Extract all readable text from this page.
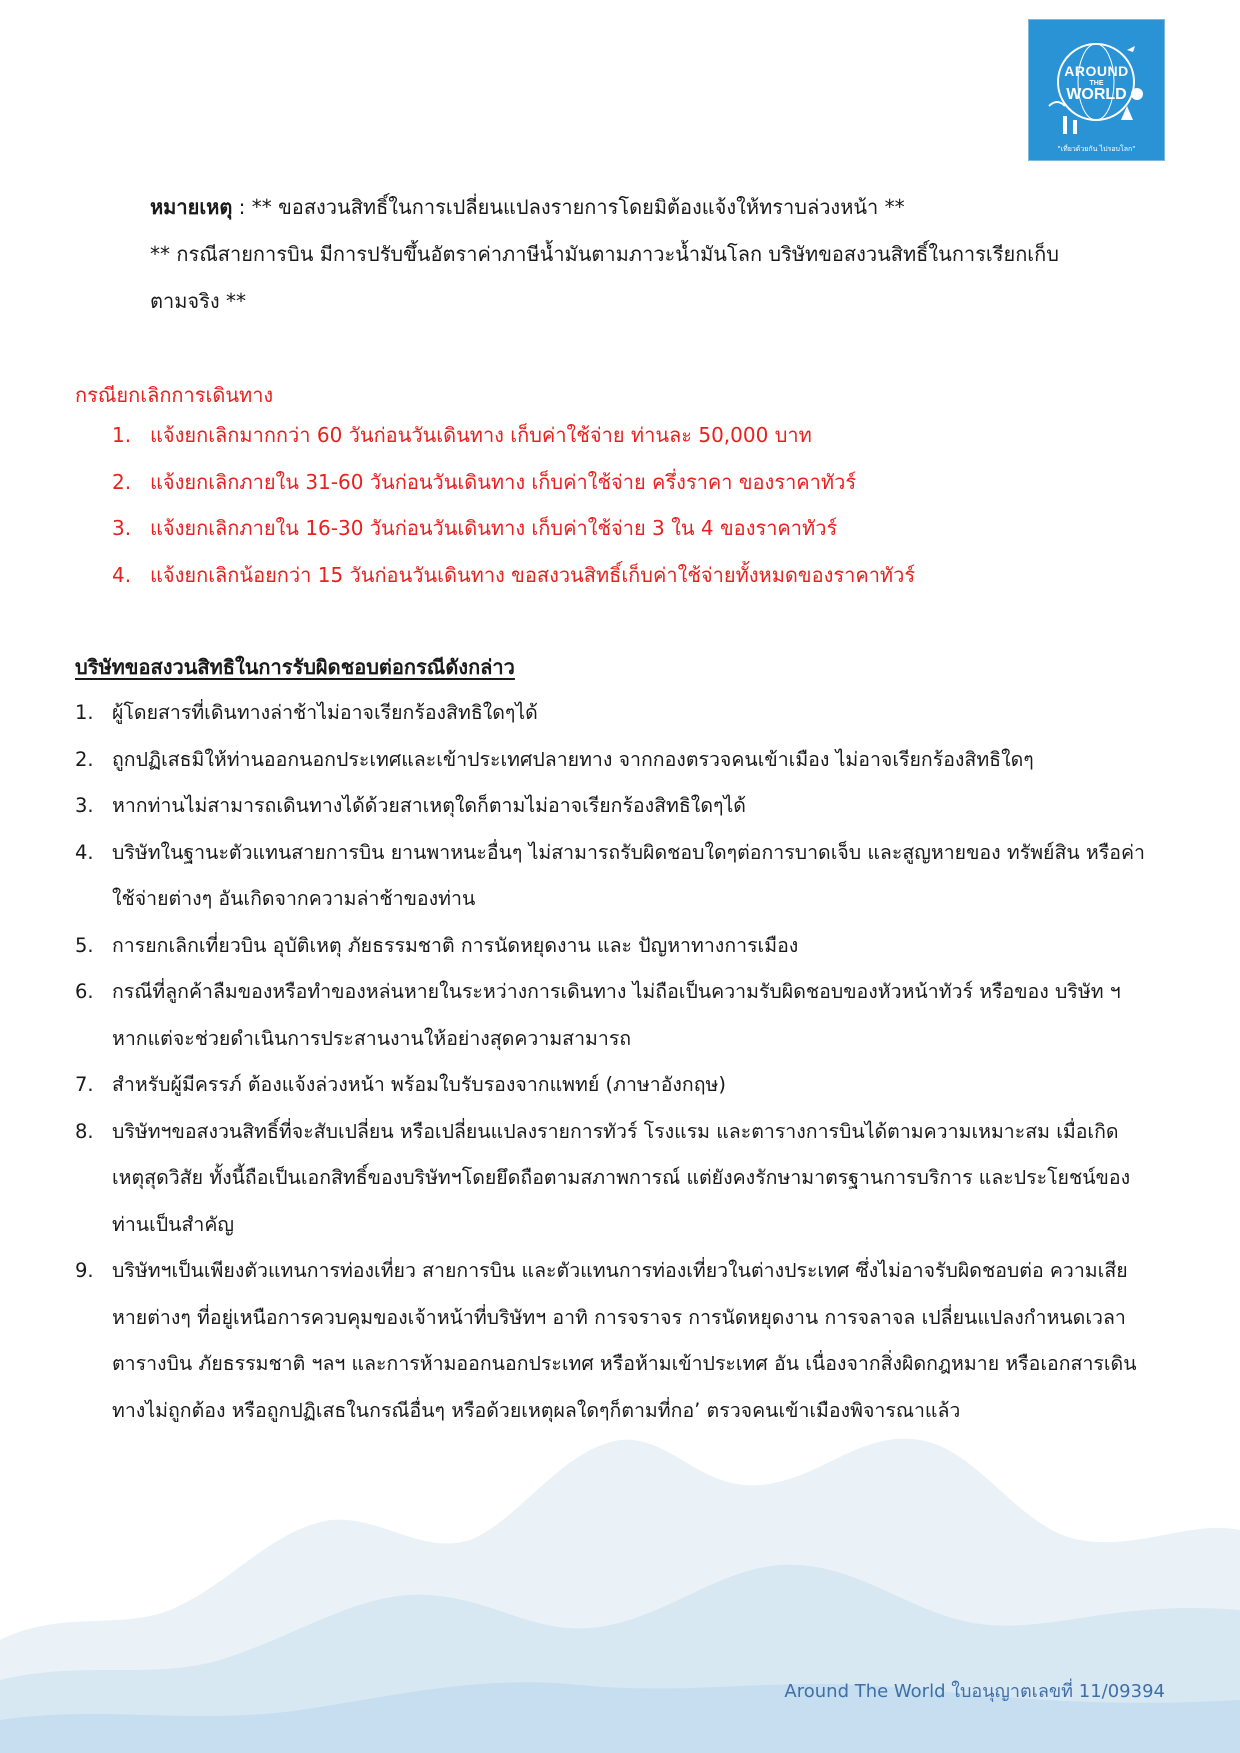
AROUND
THE
WORLD
"เที่ยวด้วยกัน ไปรอบโลก"

หมายเหตุ : ** ขอสงวนสิทธิ์ในการเปลี่ยนแปลงรายการโดยมิต้องแจ้งให้ทราบล่วงหน้า **

** กรณีสายการบิน มีการปรับขึ้นอัตราค่าภาษีน้ำมันตามภาวะน้ำมันโลก บริษัทขอสงวนสิทธิ์ในการเรียกเก็บ

ตามจริง **

กรณียกเลิกการเดินทาง
1. แจ้งยกเลิกมากกว่า 60 วันก่อนวันเดินทาง เก็บค่าใช้จ่าย ท่านละ 50,000 บาท
2. แจ้งยกเลิกภายใน 31-60 วันก่อนวันเดินทาง เก็บค่าใช้จ่าย ครึ่งราคา ของราคาทัวร์
3. แจ้งยกเลิกภายใน 16-30 วันก่อนวันเดินทาง เก็บค่าใช้จ่าย 3 ใน 4 ของราคาทัวร์
4. แจ้งยกเลิกน้อยกว่า 15 วันก่อนวันเดินทาง ขอสงวนสิทธิ์เก็บค่าใช้จ่ายทั้งหมดของราคาทัวร์
บริษัทขอสงวนสิทธิในการรับผิดชอบต่อกรณีดังกล่าว
1. ผู้โดยสารที่เดินทางล่าช้าไม่อาจเรียกร้องสิทธิใดๆได้
2. ถูกปฏิเสธมิให้ท่านออกนอกประเทศและเข้าประเทศปลายทาง จากกองตรวจคนเข้าเมือง ไม่อาจเรียกร้องสิทธิใดๆ
3. หากท่านไม่สามารถเดินทางได้ด้วยสาเหตุใดก็ตามไม่อาจเรียกร้องสิทธิใดๆได้
4. บริษัทในฐานะตัวแทนสายการบิน ยานพาหนะอื่นๆ ไม่สามารถรับผิดชอบใดๆต่อการบาดเจ็บ และสูญหายของ ทรัพย์สิน หรือค่าใช้จ่ายต่างๆ อันเกิดจากความล่าช้าของท่าน
5. การยกเลิกเที่ยวบิน อุบัติเหตุ ภัยธรรมชาติ การนัดหยุดงาน และ ปัญหาทางการเมือง
6. กรณีที่ลูกค้าลืมของหรือทำของหล่นหายในระหว่างการเดินทาง ไม่ถือเป็นความรับผิดชอบของหัวหน้าทัวร์ หรือของ บริษัท ฯ หากแต่จะช่วยดำเนินการประสานงานให้อย่างสุดความสามารถ
7. สำหรับผู้มีครรภ์ ต้องแจ้งล่วงหน้า พร้อมใบรับรองจากแพทย์ (ภาษาอังกฤษ)
8. บริษัทฯขอสงวนสิทธิ์ที่จะสับเปลี่ยน หรือเปลี่ยนแปลงรายการทัวร์ โรงแรม และตารางการบินได้ตามความเหมาะสม เมื่อเกิดเหตุสุดวิสัย ทั้งนี้ถือเป็นเอกสิทธิ์ของบริษัทฯโดยยึดถือตามสภาพการณ์ แต่ยังคงรักษามาตรฐานการบริการ และประโยชน์ของท่านเป็นสำคัญ
9. บริษัทฯเป็นเพียงตัวแทนการท่องเที่ยว สายการบิน และตัวแทนการท่องเที่ยวในต่างประเทศ ซึ่งไม่อาจรับผิดชอบต่อ ความเสียหายต่างๆ ที่อยู่เหนือการควบคุมของเจ้าหน้าที่บริษัทฯ อาทิ การจราจร การนัดหยุดงาน การจลาจล เปลี่ยนแปลงกำหนดเวลาตารางบิน ภัยธรรมชาติ ฯลฯ และการห้ามออกนอกประเทศ หรือห้ามเข้าประเทศ อัน เนื่องจากสิ่งผิดกฎหมาย หรือเอกสารเดินทางไม่ถูกต้อง หรือถูกปฏิเสธในกรณีอื่นๆ หรือด้วยเหตุผลใดๆก็ตามที่กอ’ ตรวจคนเข้าเมืองพิจารณาแล้ว
Around The World ใบอนุญาตเลขที่ 11/09394
